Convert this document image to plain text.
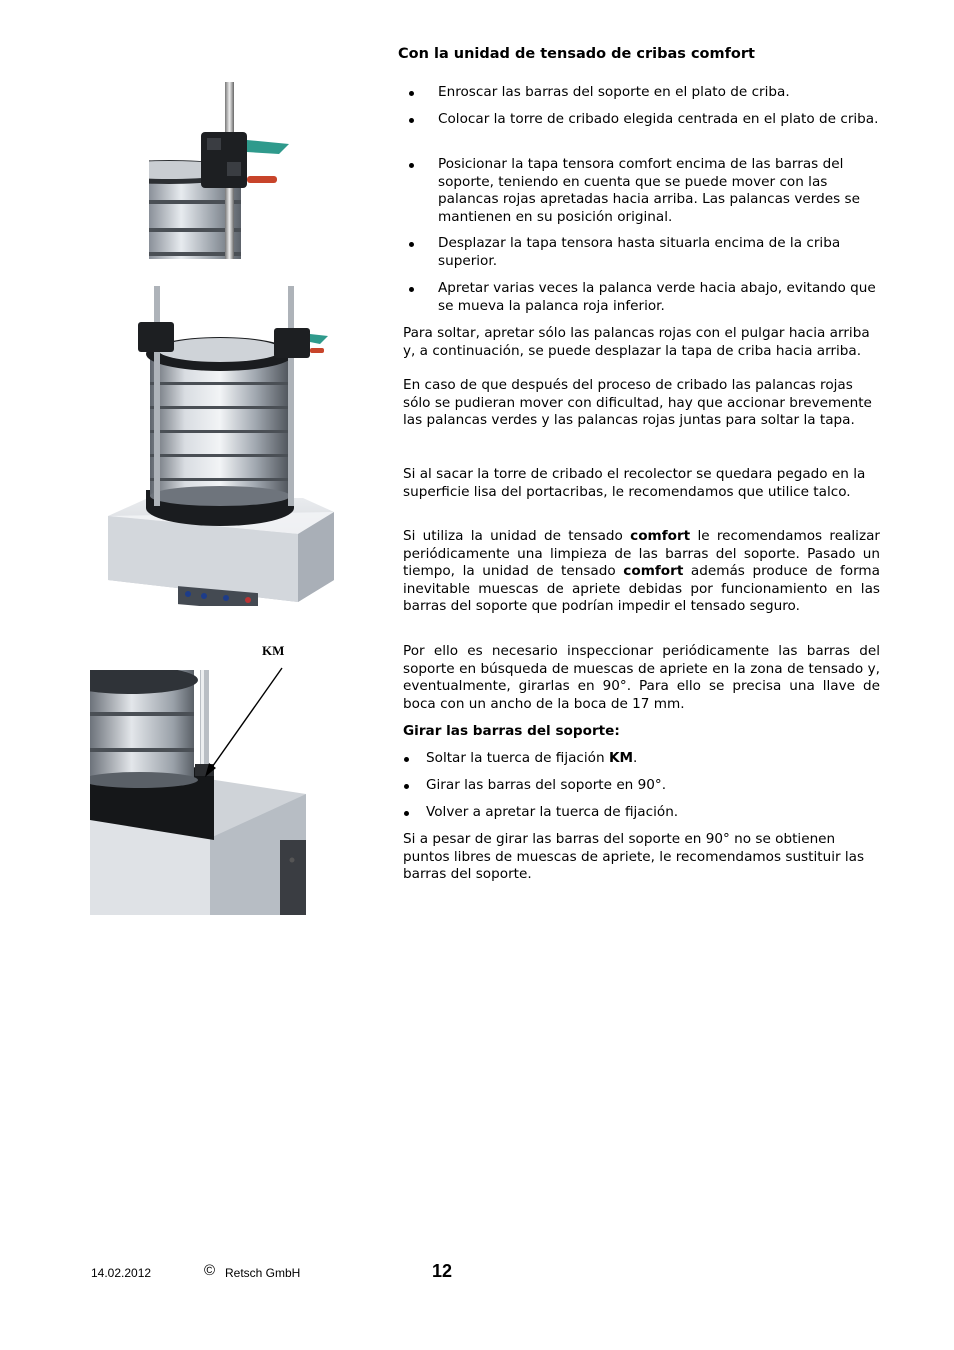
KM
Con la unidad de tensado de cribas comfort
Enroscar las barras del soporte en el plato de criba.
Colocar la torre de cribado elegida centrada en el plato de criba.
Posicionar la tapa tensora comfort encima de las barras del soporte, teniendo en cuenta que se puede mover con las palancas rojas apretadas hacia arriba. Las palancas verdes se mantienen en su posición original.
Desplazar la tapa tensora hasta situarla encima de la criba superior.
Apretar varias veces la palanca verde hacia abajo, evitando que se mueva la palanca roja inferior.
Para soltar, apretar sólo las palancas rojas con el pulgar hacia arriba y, a continuación, se puede desplazar la tapa de criba hacia arriba.
En caso de que después del proceso de cribado las palancas rojas sólo se pudieran mover con dificultad, hay que accionar brevemente las palancas verdes y las palancas rojas juntas para soltar la tapa.
Si al sacar la torre de cribado el recolector se quedara pegado en la superficie lisa del portacribas, le recomendamos que utilice talco.
Si utiliza la unidad de tensado comfort le recomendamos realizar periódicamente una limpieza de las barras del soporte. Pasado un tiempo, la unidad de tensado comfort además produce de forma inevitable muescas de apriete debidas por funcionamiento en las barras del soporte que podrían impedir el tensado seguro.
Por ello es necesario inspeccionar periódicamente las barras del soporte en búsqueda de muescas de apriete en la zona de tensado y, eventualmente, girarlas en 90°. Para ello se precisa una llave de boca con un ancho de la boca de 17 mm.
Girar las barras del soporte:
Soltar la tuerca de fijación KM.
Girar las barras del soporte en 90°.
Volver a apretar la tuerca de fijación.
Si a pesar de girar las barras del soporte en 90° no se obtienen puntos libres de muescas de apriete, le recomendamos sustituir las barras del soporte.
14.02.2012	© Retsch GmbH	12
